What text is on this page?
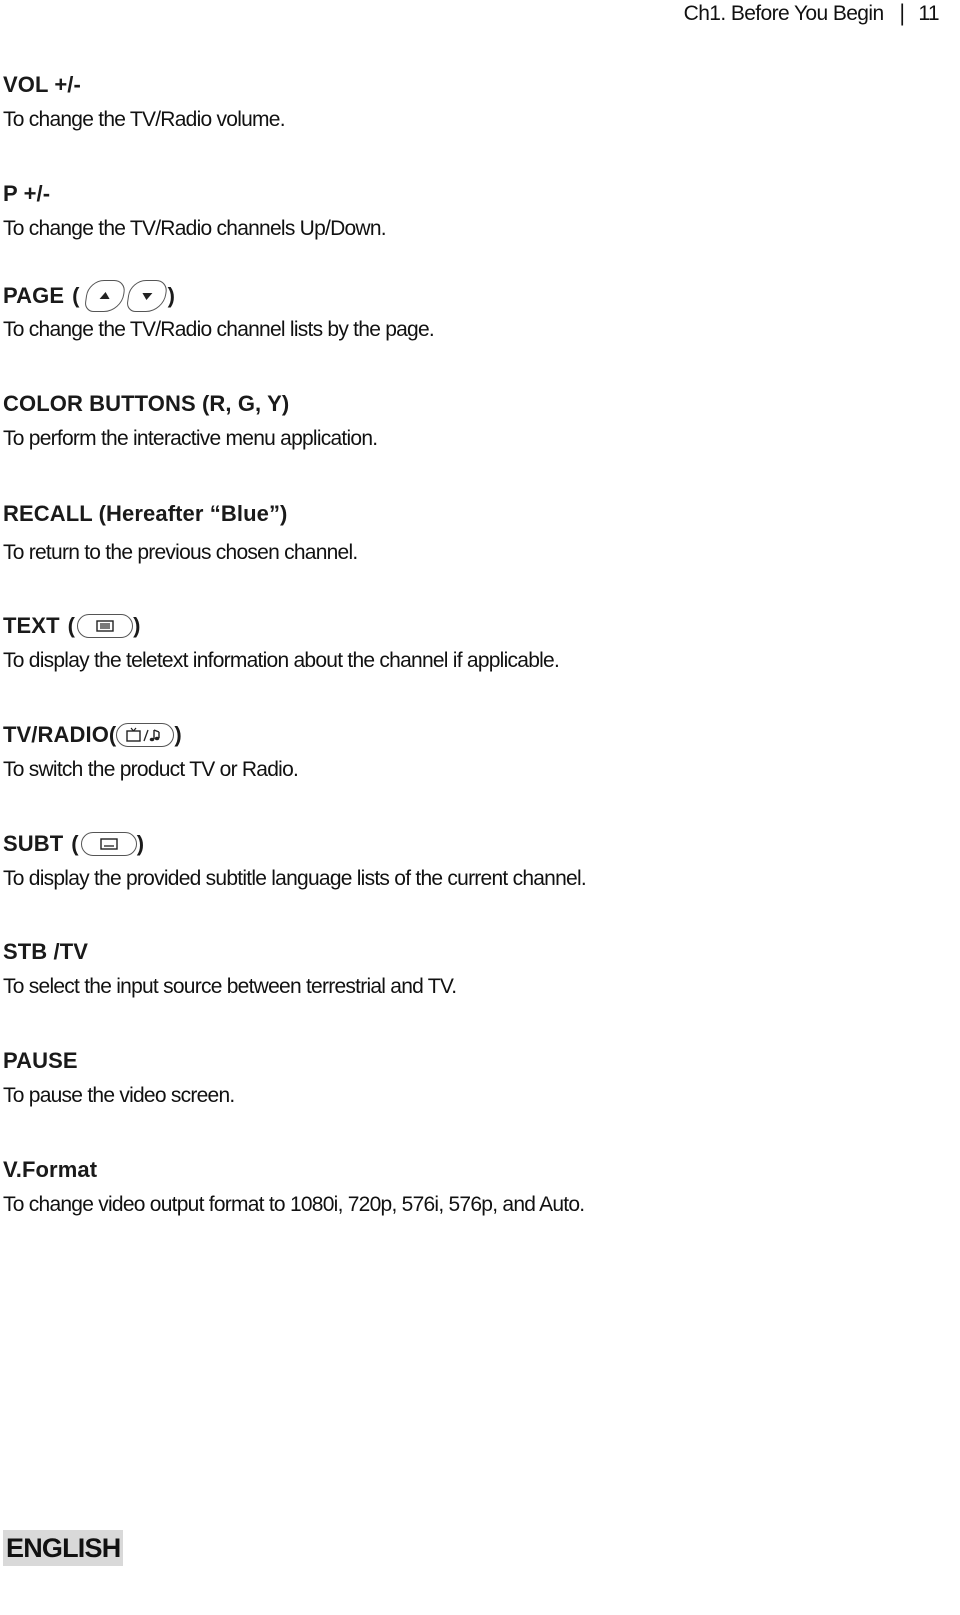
Ch1. Before You Begin | 11
VOL +/-
To change the TV/Radio volume.
P +/-
To change the TV/Radio channels Up/Down.
PAGE (	)
To change the TV/Radio channel lists by the page.
COLOR BUTTONS (R, G, Y)
To perform the interactive menu application.
RECALL (Hereafter “Blue”)
To return to the previous chosen channel.
TEXT (	)
To display the teletext information about the channel if applicable.
TV/RADIO (	)
To switch the product TV or Radio.
SUBT (	)
To display the provided subtitle language lists of the current channel.
STB /TV
To select the input source between terrestrial and TV.
PAUSE
To pause the video screen.
V.Format
To change video output format to 1080i, 720p, 576i, 576p, and Auto.
ENGLISH
